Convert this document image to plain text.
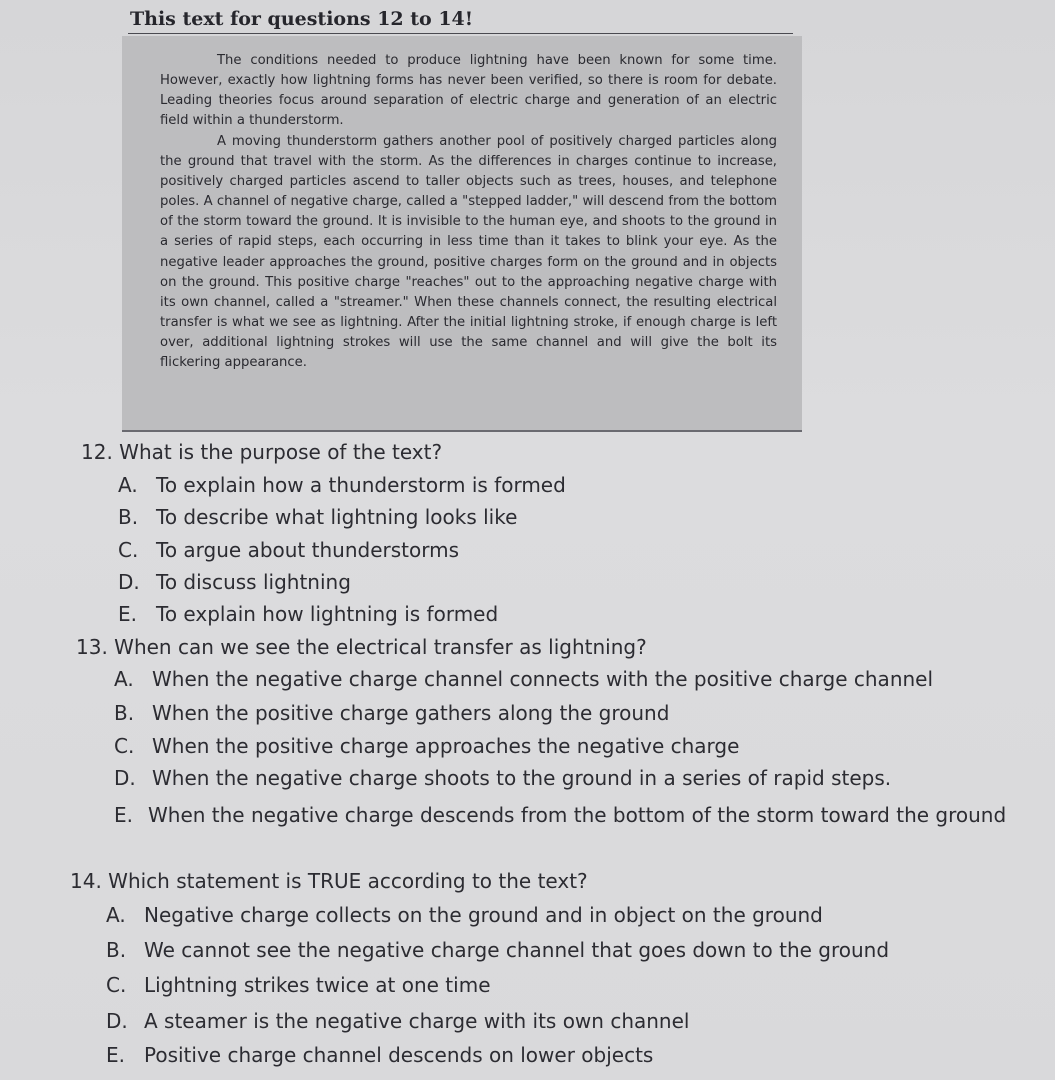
This text for questions 12 to 14!

The conditions needed to produce lightning have been known for some time. However, exactly how lightning forms has never been verified, so there is room for debate. Leading theories focus around separation of electric charge and generation of an electric field within a thunderstorm.

A moving thunderstorm gathers another pool of positively charged particles along the ground that travel with the storm. As the differences in charges continue to increase, positively charged particles ascend to taller objects such as trees, houses, and telephone poles. A channel of negative charge, called a "stepped ladder," will descend from the bottom of the storm toward the ground. It is invisible to the human eye, and shoots to the ground in a series of rapid steps, each occurring in less time than it takes to blink your eye. As the negative leader approaches the ground, positive charges form on the ground and in objects on the ground. This positive charge "reaches" out to the approaching negative charge with its own channel, called a "streamer." When these channels connect, the resulting electrical transfer is what we see as lightning. After the initial lightning stroke, if enough charge is left over, additional lightning strokes will use the same channel and will give the bolt its flickering appearance.

12. What is the purpose of the text?
A. To explain how a thunderstorm is formed
B. To describe what lightning looks like
C. To argue about thunderstorms
D. To discuss lightning
E. To explain how lightning is formed
13. When can we see the electrical transfer as lightning?
A. When the negative charge channel connects with the positive charge channel
B. When the positive charge gathers along the ground
C. When the positive charge approaches the negative charge
D. When the negative charge shoots to the ground in a series of rapid steps.
E. When the negative charge descends from the bottom of the storm toward the ground
14. Which statement is TRUE according to the text?
A. Negative charge collects on the ground and in object on the ground
B. We cannot see the negative charge channel that goes down to the ground
C. Lightning strikes twice at one time
D. A steamer is the negative charge with its own channel
E. Positive charge channel descends on lower objects
